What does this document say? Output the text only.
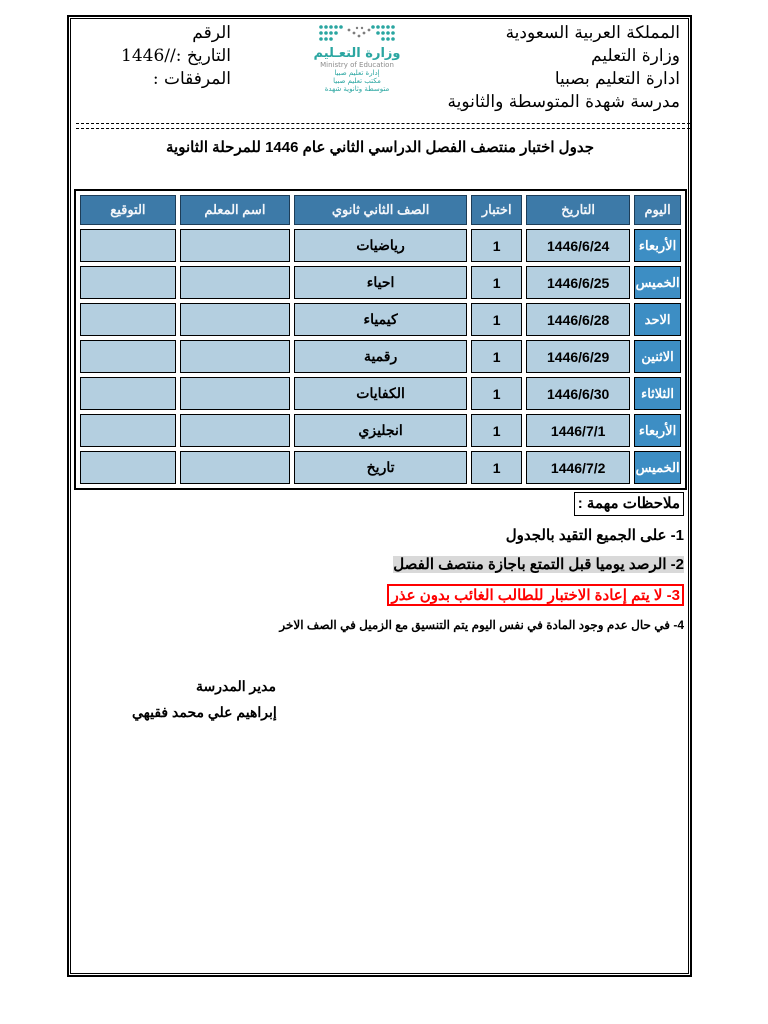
المملكة العربية السعودية
وزارة التعليم
ادارة التعليم بصبيا
مدرسة شهدة المتوسطة والثانوية
الرقم
التاريخ :/‏/1446
المرفقات :
وزارة التعـليم
Ministry of Education
إدارة تعليم صبيا
مكتب تعليم صبيا
متوسطة وثانوية شهدة
جدول اختبار منتصف الفصل الدراسي الثاني عام 1446 للمرحلة الثانوية
اليوم	التاريخ	اختبار	الصف الثاني ثانوي	اسم المعلم	التوقيع
الأربعاء	1446/6/24	1	رياضيات		
الخميس	1446/6/25	1	احياء		
الاحد	1446/6/28	1	كيمياء		
الاثنين	1446/6/29	1	رقمية		
الثلاثاء	1446/6/30	1	الكفايات		
الأربعاء	1446/7/1	1	انجليزي		
الخميس	1446/7/2	1	تاريخ		
ملاحظات مهمة :
1- على الجميع التقيد بالجدول
2- الرصد يوميا قبل التمتع باجازة منتصف الفصل
3- لا يتم إعادة الاختبار للطالب الغائب بدون عذر
4- في حال عدم وجود المادة في نفس اليوم يتم التنسيق مع الزميل في الصف الاخر
مدير المدرسة
إبراهيم علي محمد فقيهي
